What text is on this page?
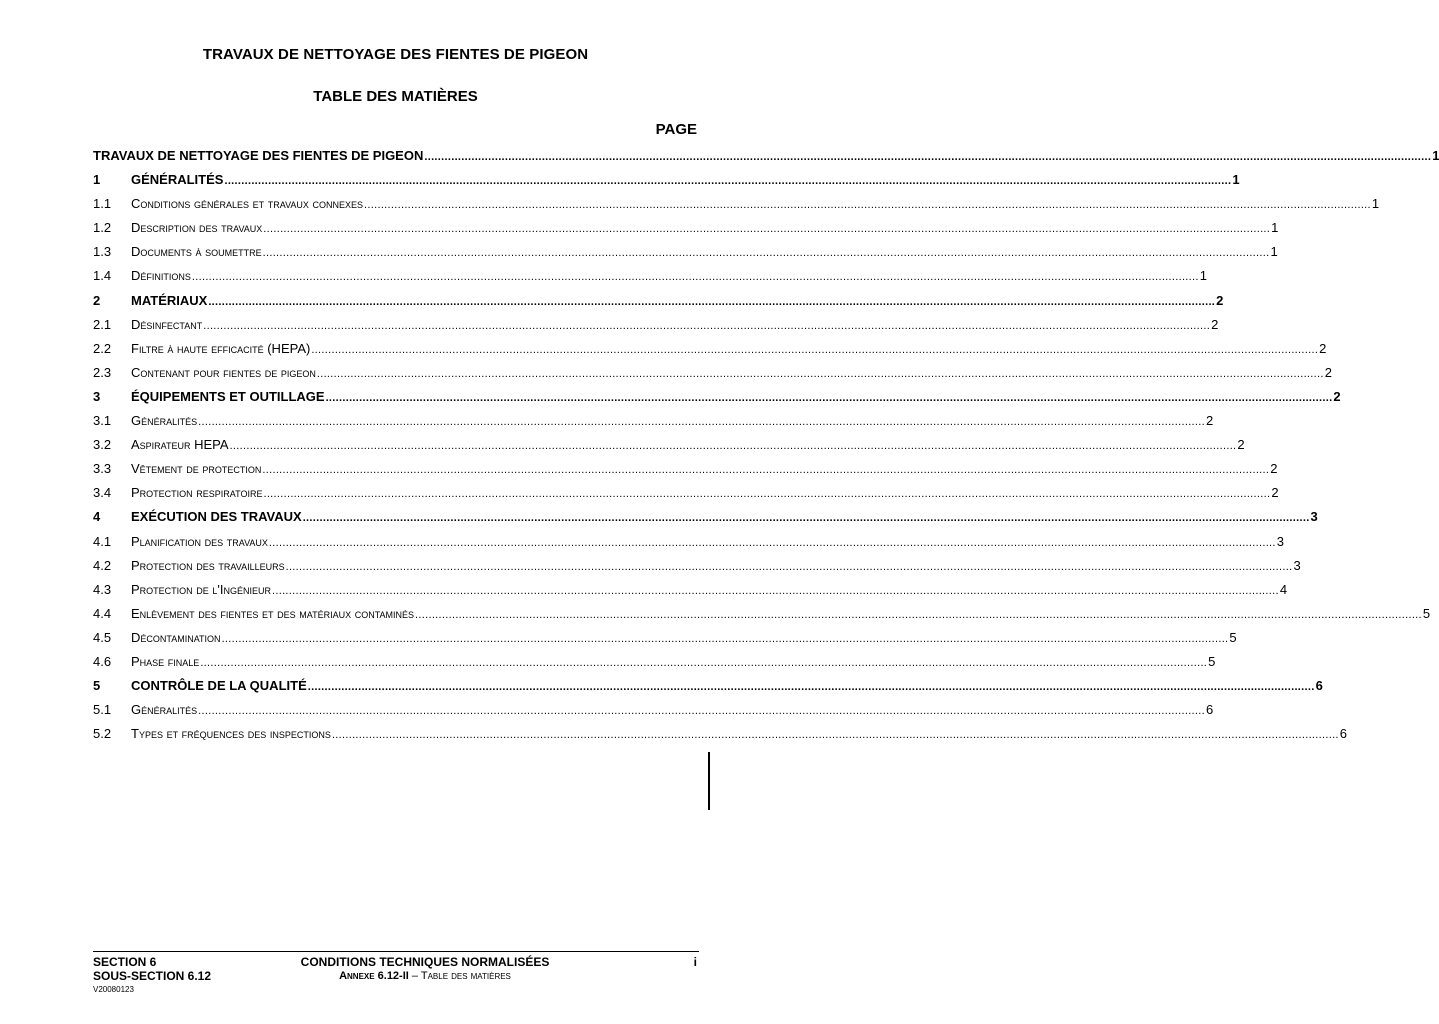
TRAVAUX DE NETTOYAGE DES FIENTES DE PIGEON
TABLE DES MATIÈRES
PAGE
TRAVAUX DE NETTOYAGE DES FIENTES DE PIGEON ............................................................................................................................................................................................................................................................................................................ 1
1	GÉNÉRALITÉS ............................................................................................................................................................................................................................................................................................................ 1
1.1	Conditions générales et travaux connexes ............................................................................................................................................................................................................................................................................................................ 1
1.2	Description des travaux ............................................................................................................................................................................................................................................................................................................ 1
1.3	Documents à soumettre ............................................................................................................................................................................................................................................................................................................ 1
1.4	Définitions ............................................................................................................................................................................................................................................................................................................ 1
2	MATÉRIAUX ............................................................................................................................................................................................................................................................................................................ 2
2.1	Désinfectant ............................................................................................................................................................................................................................................................................................................ 2
2.2	Filtre à haute efficacité (HEPA) ............................................................................................................................................................................................................................................................................................................ 2
2.3	Contenant pour fientes de pigeon ............................................................................................................................................................................................................................................................................................................ 2
3	ÉQUIPEMENTS ET OUTILLAGE ............................................................................................................................................................................................................................................................................................................ 2
3.1	Généralités ............................................................................................................................................................................................................................................................................................................ 2
3.2	Aspirateur HEPA ............................................................................................................................................................................................................................................................................................................ 2
3.3	Vêtement de protection ............................................................................................................................................................................................................................................................................................................ 2
3.4	Protection respiratoire ............................................................................................................................................................................................................................................................................................................ 2
4	EXÉCUTION DES TRAVAUX ............................................................................................................................................................................................................................................................................................................ 3
4.1	Planification des travaux ............................................................................................................................................................................................................................................................................................................ 3
4.2	Protection des travailleurs ............................................................................................................................................................................................................................................................................................................ 3
4.3	Protection de l'Ingénieur ............................................................................................................................................................................................................................................................................................................ 4
4.4	Enlèvement des fientes et des matériaux contaminés ............................................................................................................................................................................................................................................................................................................ 5
4.5	Décontamination ............................................................................................................................................................................................................................................................................................................ 5
4.6	Phase finale ............................................................................................................................................................................................................................................................................................................ 5
5	CONTRÔLE DE LA QUALITÉ ............................................................................................................................................................................................................................................................................................................ 6
5.1	Généralités ............................................................................................................................................................................................................................................................................................................ 6
5.2	Types et fréquences des inspections ............................................................................................................................................................................................................................................................................................................ 6
SECTION 6
SOUS-SECTION 6.12
V20080123
CONDITIONS TECHNIQUES NORMALISÉES
Annexe 6.12-II – Table des matières
i
